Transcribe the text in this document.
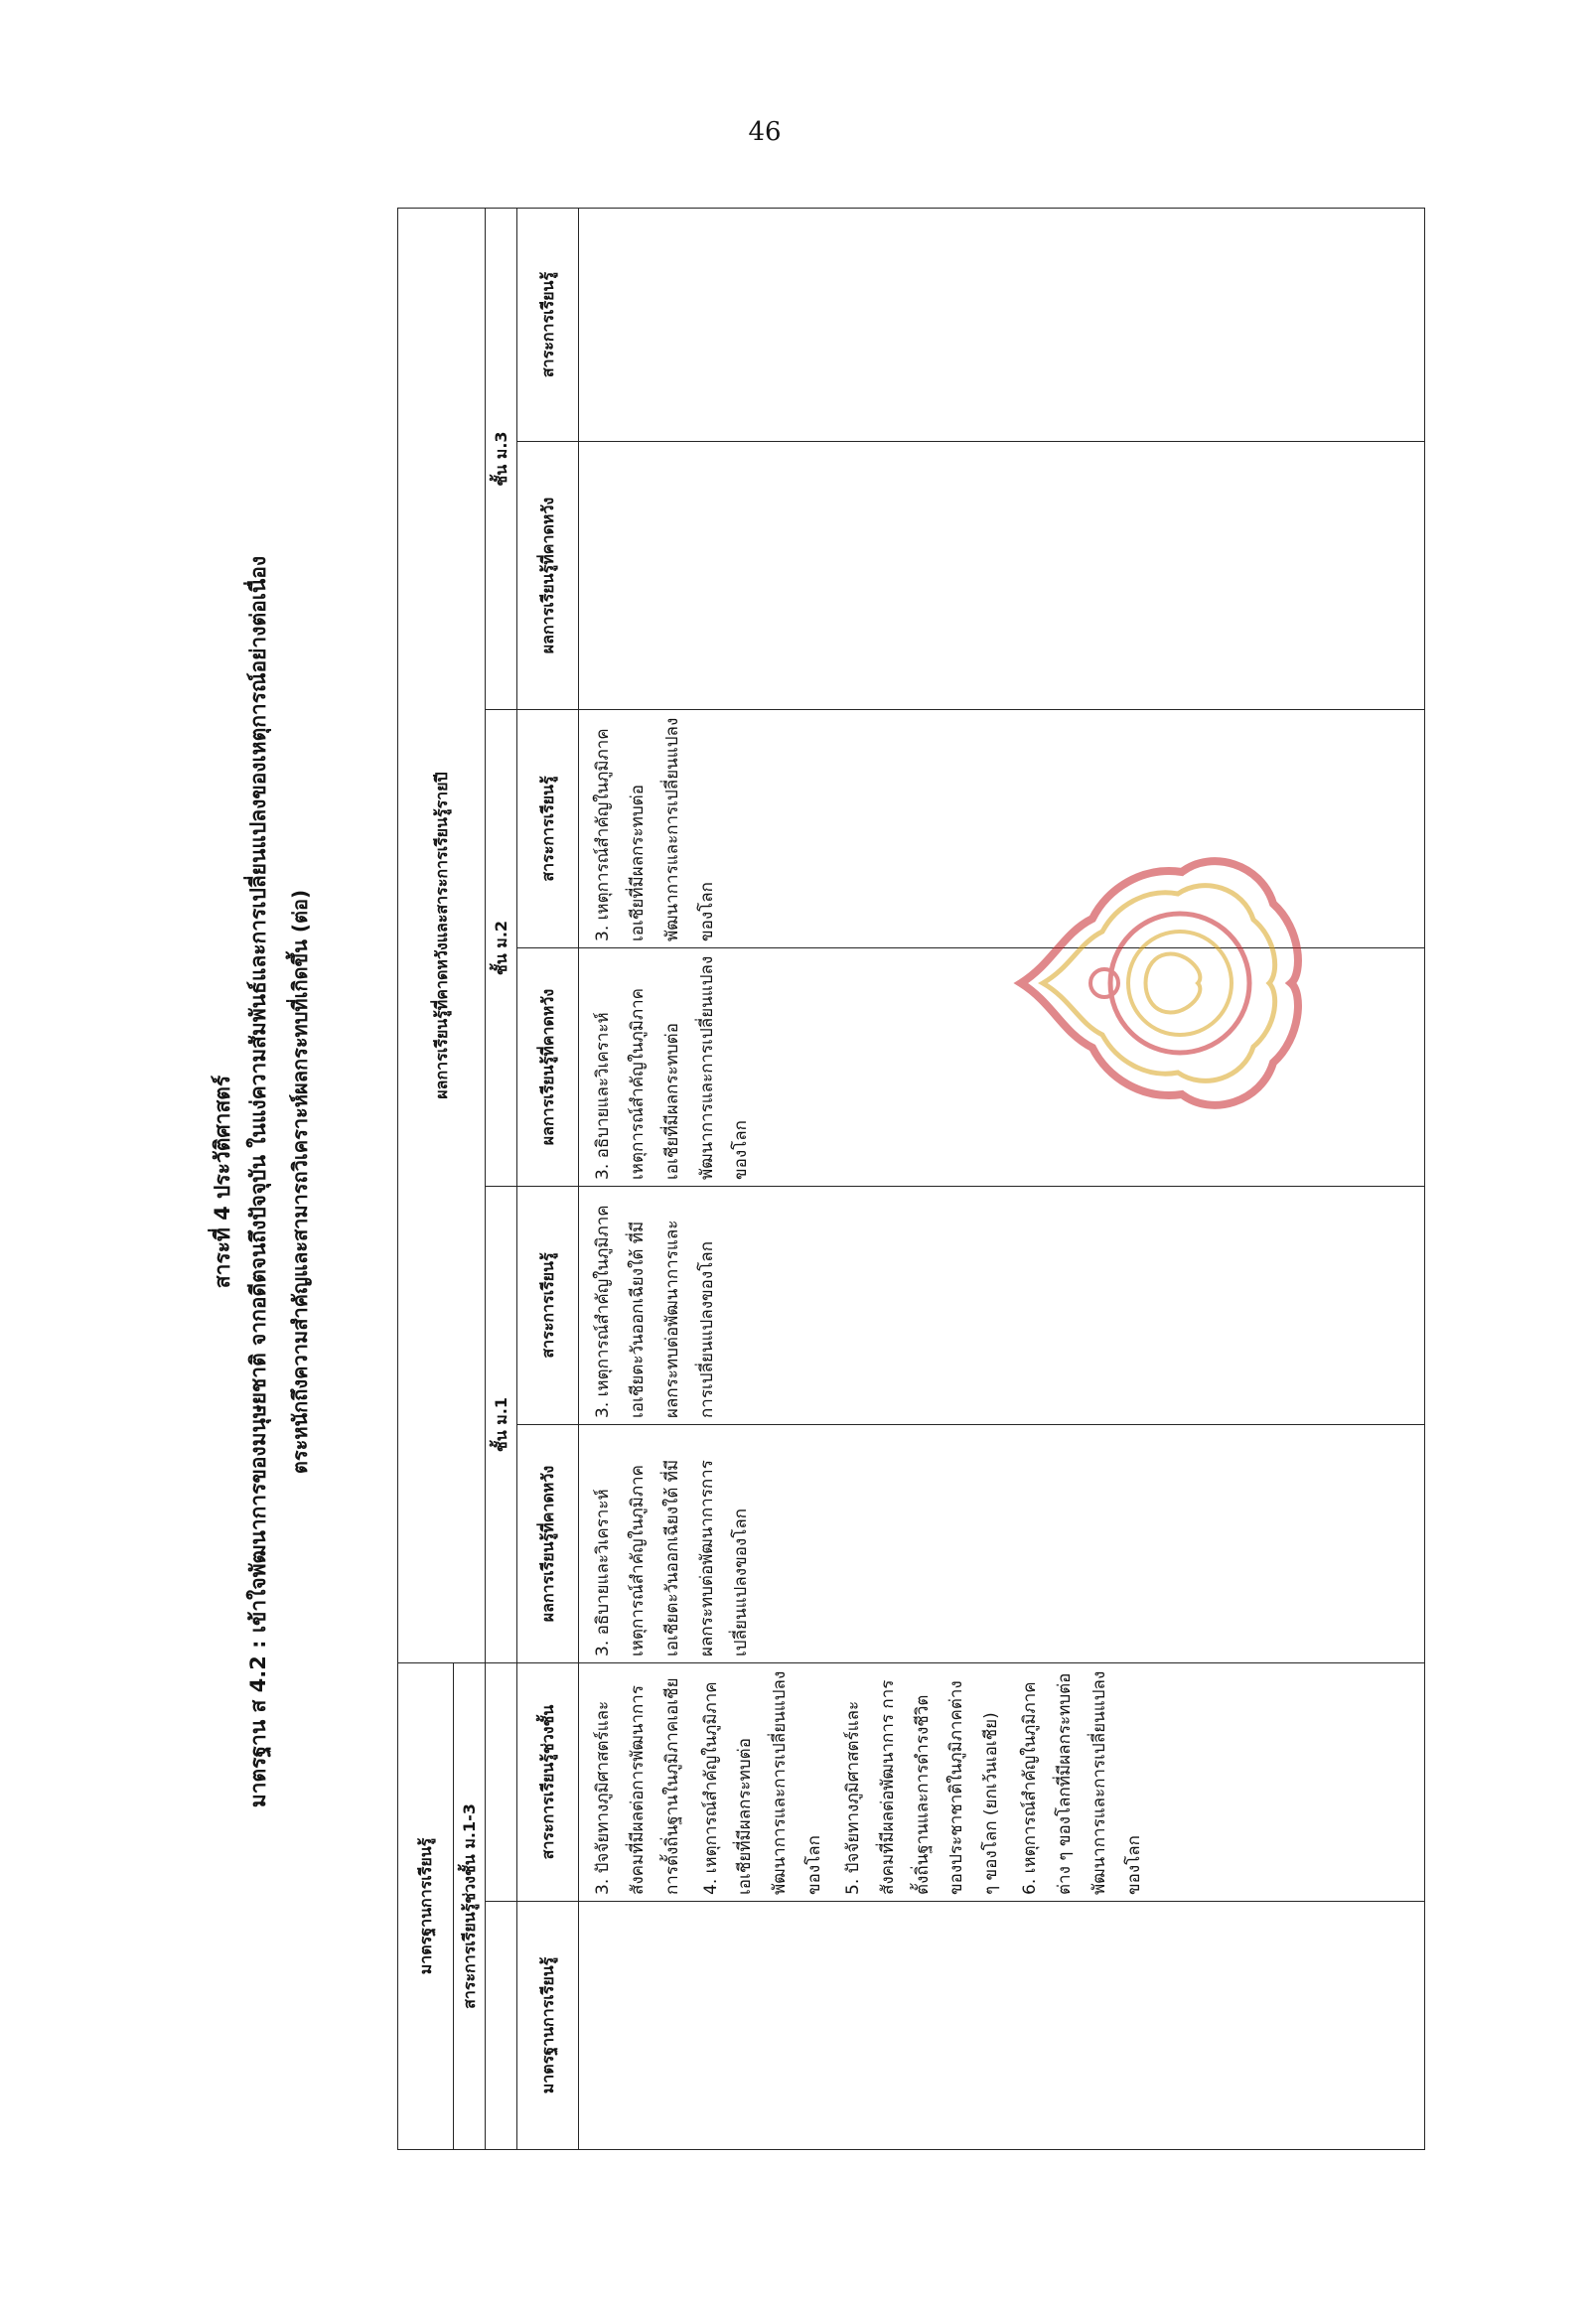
46
สาระที่ 4 ประวัติศาสตร์ มาตรฐาน ส 4.2 : เข้าใจพัฒนาการของมนุษยชาติ จากอดีตจนถึงปัจจุบัน ในแง่ความสัมพันธ์และการเปลี่ยนแปลงของเหตุการณ์อย่างต่อเนื่อง ตระหนักถึงความสำคัญและสามารถวิเคราะห์ผลกระทบที่เกิดขึ้น (ต่อ)
มาตรฐานการเรียนรู้		ผลการเรียนรู้ที่คาดหวังและสาระการเรียนรู้รายปี					
สาระการเรียนรู้ช่วงชั้น ม.1-3							
		ชั้น ม.1		ชั้น ม.2		ชั้น ม.3	
มาตรฐานการเรียนรู้	สาระการเรียนรู้ช่วงชั้น	ผลการเรียนรู้ที่คาดหวัง	สาระการเรียนรู้	ผลการเรียนรู้ที่คาดหวัง	สาระการเรียนรู้	ผลการเรียนรู้ที่คาดหวัง	สาระการเรียนรู้

	3. ปัจจัยทางภูมิศาสตร์และสังคมที่มีผลต่อการพัฒนาการ การตั้งถิ่นฐานในภูมิภาคเอเชีย 4. เหตุการณ์สำคัญในภูมิภาคเอเชียที่มีผลกระทบต่อพัฒนาการและการเปลี่ยนแปลงของโลก 5. ปัจจัยทางภูมิศาสตร์และสังคมที่มีผลต่อพัฒนาการ การตั้งถิ่นฐานและการดำรงชีวิตของประชาชาติในภูมิภาคต่าง ๆ ของโลก (ยกเว้นเอเชีย) 6. เหตุการณ์สำคัญในภูมิภาคต่าง ๆ ของโลกที่มีผลกระทบต่อพัฒนาการและการเปลี่ยนแปลงของโลก	3. อธิบายและวิเคราะห์เหตุการณ์สำคัญในภูมิภาคเอเชียตะวันออกเฉียงใต้ ที่มีผลกระทบต่อพัฒนาการการเปลี่ยนแปลงของโลก	3. เหตุการณ์สำคัญในภูมิภาคเอเชียตะวันออกเฉียงใต้ ที่มีผลกระทบต่อพัฒนาการและการเปลี่ยนแปลงของโลก	3. อธิบายและวิเคราะห์เหตุการณ์สำคัญในภูมิภาคเอเชียที่มีผลกระทบต่อพัฒนาการและการเปลี่ยนแปลงของโลก	3. เหตุการณ์สำคัญในภูมิภาคเอเชียที่มีผลกระทบต่อพัฒนาการและการเปลี่ยนแปลงของโลก		
